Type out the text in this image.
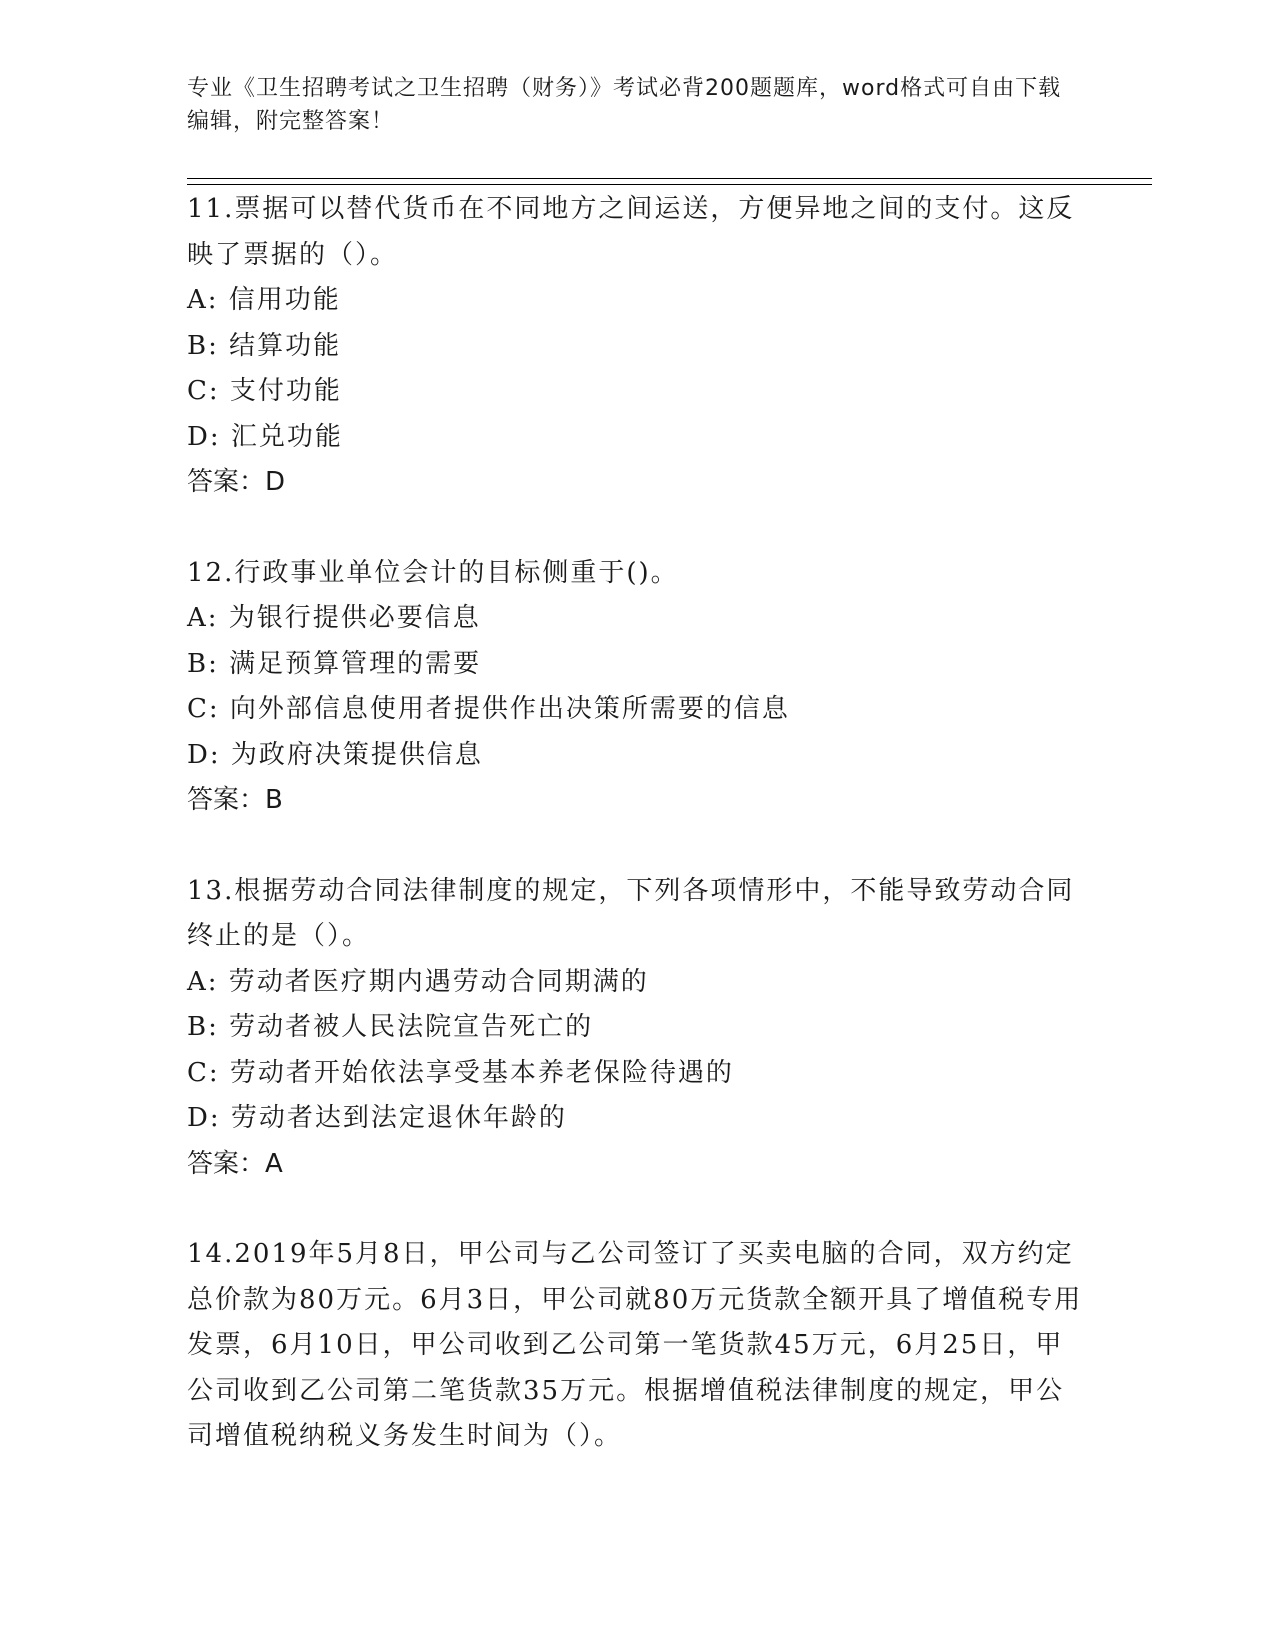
专业《卫生招聘考试之卫生招聘（财务）》考试必背200题题库，word格式可自由下载编辑，附完整答案！

11.票据可以替代货币在不同地方之间运送，方便异地之间的支付。这反映了票据的（）。

A: 信用功能

B: 结算功能

C: 支付功能

D: 汇兑功能

答案：D

12.行政事业单位会计的目标侧重于()。

A: 为银行提供必要信息

B: 满足预算管理的需要

C: 向外部信息使用者提供作出决策所需要的信息

D: 为政府决策提供信息

答案：B

13.根据劳动合同法律制度的规定，下列各项情形中，不能导致劳动合同终止的是（）。

A: 劳动者医疗期内遇劳动合同期满的

B: 劳动者被人民法院宣告死亡的

C: 劳动者开始依法享受基本养老保险待遇的

D: 劳动者达到法定退休年龄的

答案：A

14.2019年5月8日，甲公司与乙公司签订了买卖电脑的合同，双方约定总价款为80万元。6月3日，甲公司就80万元货款全额开具了增值税专用发票，6月10日，甲公司收到乙公司第一笔货款45万元，6月25日，甲公司收到乙公司第二笔货款35万元。根据增值税法律制度的规定，甲公司增值税纳税义务发生时间为（）。
